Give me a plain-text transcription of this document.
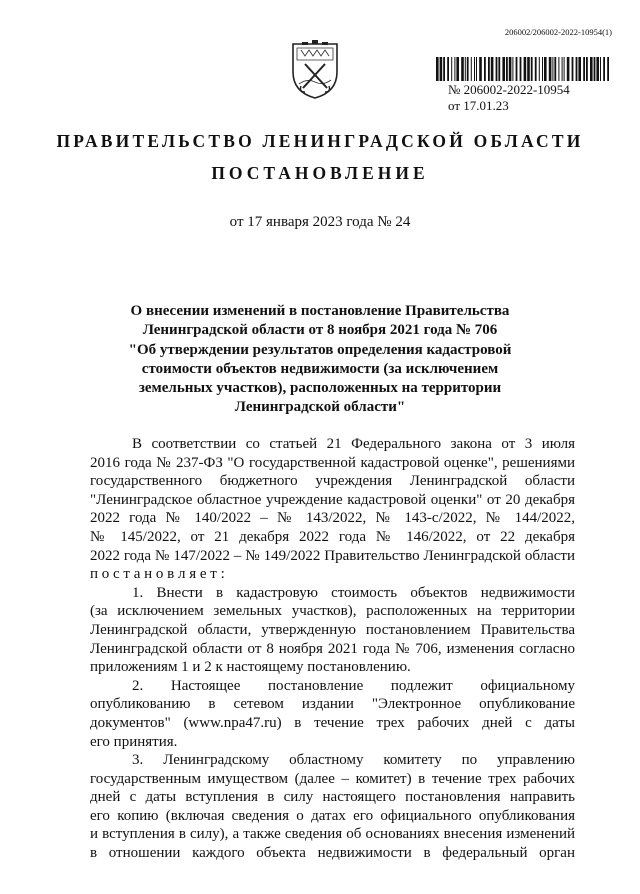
206002/206002-2022-10954(1)
№ 206002-2022-10954
от 17.01.23
ПРАВИТЕЛЬСТВО ЛЕНИНГРАДСКОЙ ОБЛАСТИ
ПОСТАНОВЛЕНИЕ
от 17 января 2023 года № 24
О внесении изменений в постановление Правительства
Ленинградской области от 8 ноября 2021 года № 706
"Об утверждении результатов определения кадастровой
стоимости объектов недвижимости (за исключением
земельных участков), расположенных на территории
Ленинградской области"
В соответствии со статьей 21 Федерального закона от 3 июля
2016 года № 237-ФЗ "О государственной кадастровой оценке", решениями
государственного бюджетного учреждения Ленинградской области
"Ленинградское областное учреждение кадастровой оценки" от 20 декабря
2022 года № 140/2022 – № 143/2022, № 143-с/2022, № 144/2022,
№ 145/2022, от 21 декабря 2022 года № 146/2022, от 22 декабря
2022 года № 147/2022 – № 149/2022 Правительство Ленинградской области
п о с т а н о в л я е т :
1. Внести в кадастровую стоимость объектов недвижимости
(за исключением земельных участков), расположенных на территории
Ленинградской области, утвержденную постановлением Правительства
Ленинградской области от 8 ноября 2021 года № 706, изменения согласно
приложениям 1 и 2 к настоящему постановлению.
2. Настоящее постановление подлежит официальному
опубликованию в сетевом издании "Электронное опубликование
документов" (www.npa47.ru) в течение трех рабочих дней с даты
его принятия.
3. Ленинградскому областному комитету по управлению
государственным имуществом (далее – комитет) в течение трех рабочих
дней с даты вступления в силу настоящего постановления направить
его копию (включая сведения о датах его официального опубликования
и вступления в силу), а также сведения об основаниях внесения изменений
в отношении каждого объекта недвижимости в федеральный орган
